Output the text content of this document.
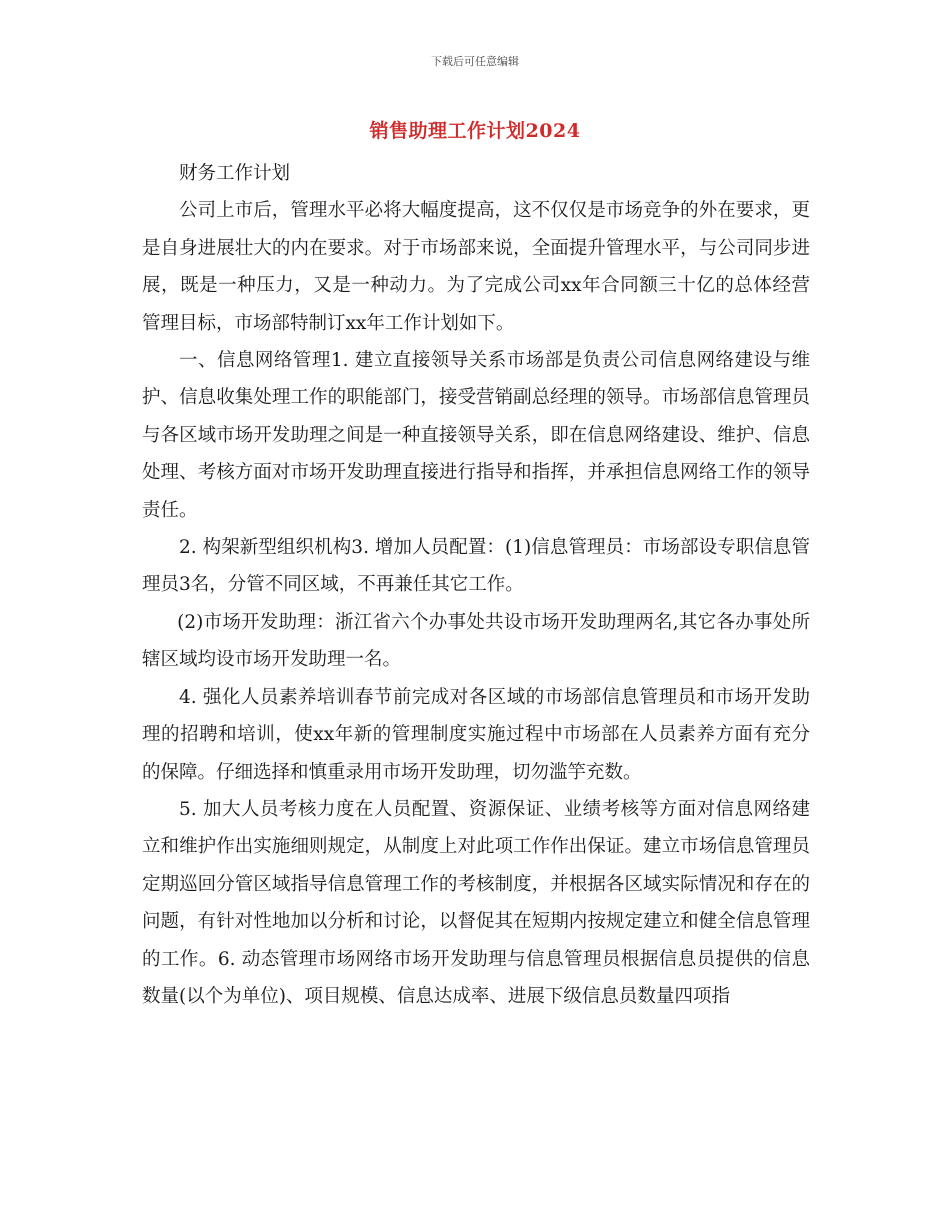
下载后可任意编辑
销售助理工作计划2024

财务工作计划

公司上市后，管理水平必将大幅度提高，这不仅仅是市场竞争的外在要求，更是自身进展壮大的内在要求。对于市场部来说，全面提升管理水平，与公司同步进展，既是一种压力，又是一种动力。为了完成公司xx年合同额三十亿的总体经营管理目标，市场部特制订xx年工作计划如下。

一、信息网络管理1. 建立直接领导关系市场部是负责公司信息网络建设与维护、信息收集处理工作的职能部门，接受营销副总经理的领导。市场部信息管理员与各区域市场开发助理之间是一种直接领导关系，即在信息网络建设、维护、信息处理、考核方面对市场开发助理直接进行指导和指挥，并承担信息网络工作的领导责任。

2. 构架新型组织机构3. 增加人员配置：(1)信息管理员：市场部设专职信息管理员3名，分管不同区域，不再兼任其它工作。

(2)市场开发助理：浙江省六个办事处共设市场开发助理两名,其它各办事处所辖区域均设市场开发助理一名。

4. 强化人员素养培训春节前完成对各区域的市场部信息管理员和市场开发助理的招聘和培训，使xx年新的管理制度实施过程中市场部在人员素养方面有充分的保障。仔细选择和慎重录用市场开发助理，切勿滥竽充数。

5. 加大人员考核力度在人员配置、资源保证、业绩考核等方面对信息网络建立和维护作出实施细则规定，从制度上对此项工作作出保证。建立市场信息管理员定期巡回分管区域指导信息管理工作的考核制度，并根据各区域实际情况和存在的问题，有针对性地加以分析和讨论，以督促其在短期内按规定建立和健全信息管理的工作。6. 动态管理市场网络市场开发助理与信息管理员根据信息员提供的信息数量(以个为单位)、项目规模、信息达成率、进展下级信息员数量四项指
